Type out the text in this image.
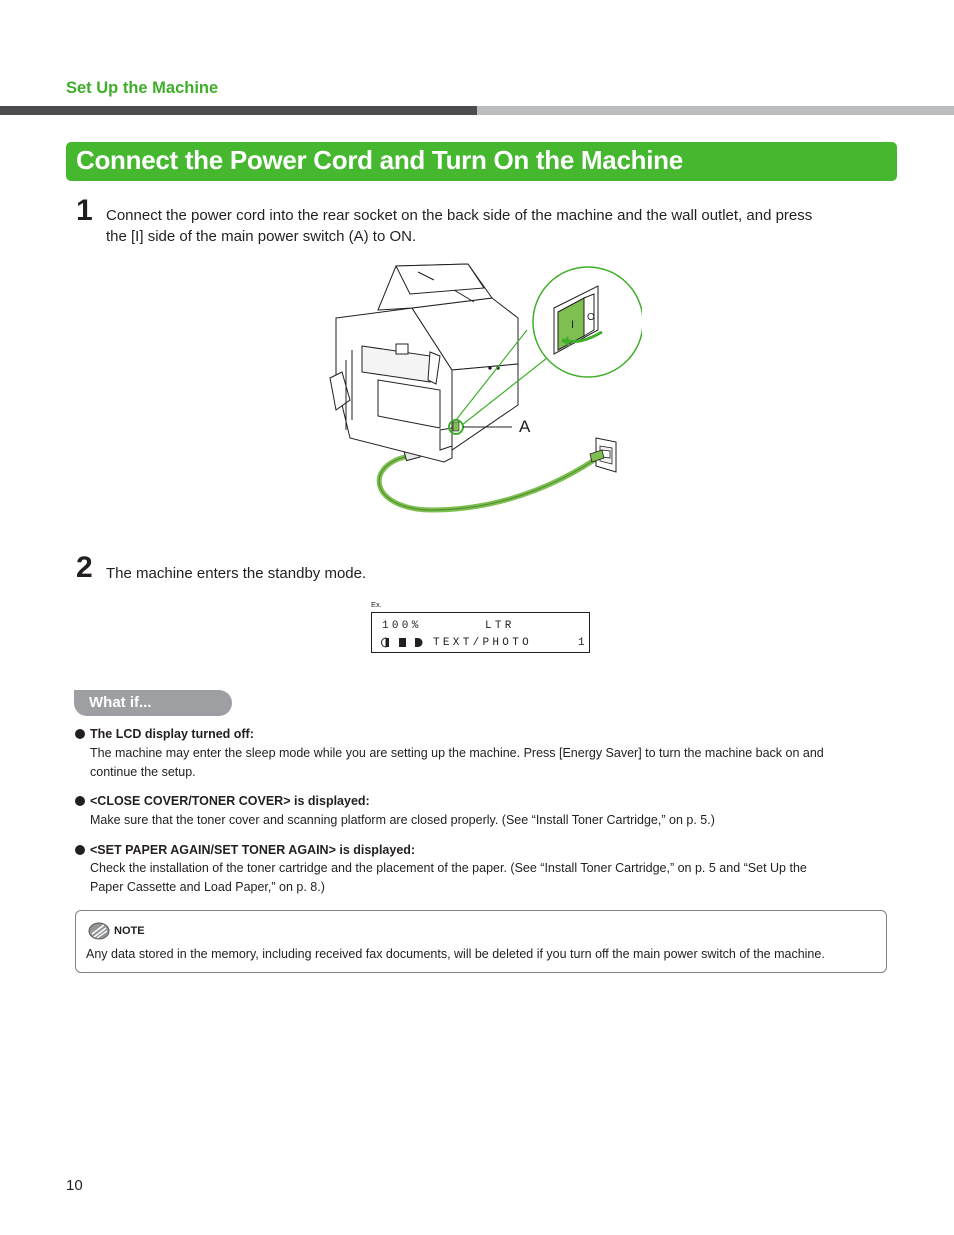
Set Up the Machine
Connect the Power Cord and Turn On the Machine
1 Connect the power cord into the rear socket on the back side of the machine and the wall outlet, and press
the [I] side of the main power switch (A) to ON.
I
O
A
2 The machine enters the standby mode.
Ex.
100%	LTR
TEXT/PHOTO	1
What if...
The LCD display turned off:
The machine may enter the sleep mode while you are setting up the machine. Press [Energy Saver] to turn the machine back on and
continue the setup.
<CLOSE COVER/TONER COVER> is displayed:
Make sure that the toner cover and scanning platform are closed properly. (See “Install Toner Cartridge,” on p. 5.)
<SET PAPER AGAIN/SET TONER AGAIN> is displayed:
Check the installation of the toner cartridge and the placement of the paper. (See “Install Toner Cartridge,” on p. 5 and “Set Up the
Paper Cassette and Load Paper,” on p. 8.)
NOTE
Any data stored in the memory, including received fax documents, will be deleted if you turn off the main power switch of the machine.
10
